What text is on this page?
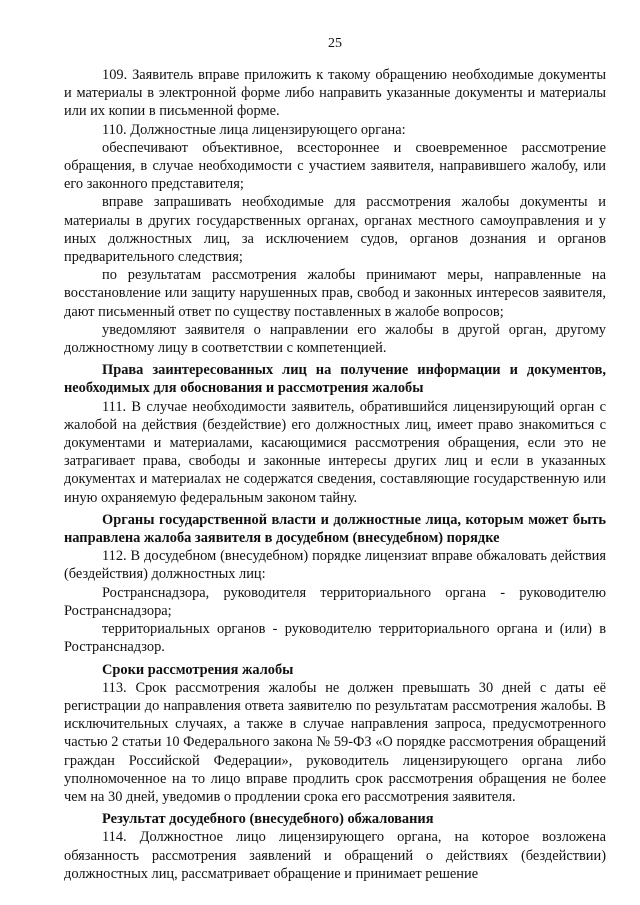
25

109. Заявитель вправе приложить к такому обращению необходимые документы и материалы в электронной форме либо направить указанные документы и материалы или их копии в письменной форме.

110. Должностные лица лицензирующего органа:

обеспечивают объективное, всестороннее и своевременное рассмотрение обращения, в случае необходимости с участием заявителя, направившего жалобу, или его законного представителя;

вправе запрашивать необходимые для рассмотрения жалобы документы и материалы в других государственных органах, органах местного самоуправления и у иных должностных лиц, за исключением судов, органов дознания и органов предварительного следствия;

по результатам рассмотрения жалобы принимают меры, направленные на восстановление или защиту нарушенных прав, свобод и законных интересов заявителя, дают письменный ответ по существу поставленных в жалобе вопросов;

уведомляют заявителя о направлении его жалобы в другой орган, другому должностному лицу в соответствии с компетенцией.

Права заинтересованных лиц на получение информации и документов, необходимых для обоснования и рассмотрения жалобы

111. В случае необходимости заявитель, обратившийся лицензирующий орган с жалобой на действия (бездействие) его должностных лиц, имеет право знакомиться с документами и материалами, касающимися рассмотрения обращения, если это не затрагивает права, свободы и законные интересы других лиц и если в указанных документах и материалах не содержатся сведения, составляющие государственную или иную охраняемую федеральным законом тайну.

Органы государственной власти и должностные лица, которым может быть направлена жалоба заявителя в досудебном (внесудебном) порядке

112. В досудебном (внесудебном) порядке лицензиат вправе обжаловать действия (бездействия) должностных лиц:

Ространснадзора, руководителя территориального органа - руководителю Ространснадзора;

территориальных органов - руководителю территориального органа и (или) в Ространснадзор.

Сроки рассмотрения жалобы

113. Срок рассмотрения жалобы не должен превышать 30 дней с даты её регистрации до направления ответа заявителю по результатам рассмотрения жалобы. В исключительных случаях, а также в случае направления запроса, предусмотренного частью 2 статьи 10 Федерального закона № 59-ФЗ «О порядке рассмотрения обращений граждан Российской Федерации», руководитель лицензирующего органа либо уполномоченное на то лицо вправе продлить срок рассмотрения обращения не более чем на 30 дней, уведомив о продлении срока его рассмотрения заявителя.

Результат досудебного (внесудебного) обжалования

114. Должностное лицо лицензирующего органа, на которое возложена обязанность рассмотрения заявлений и обращений о действиях (бездействии) должностных лиц, рассматривает обращение и принимает решение
